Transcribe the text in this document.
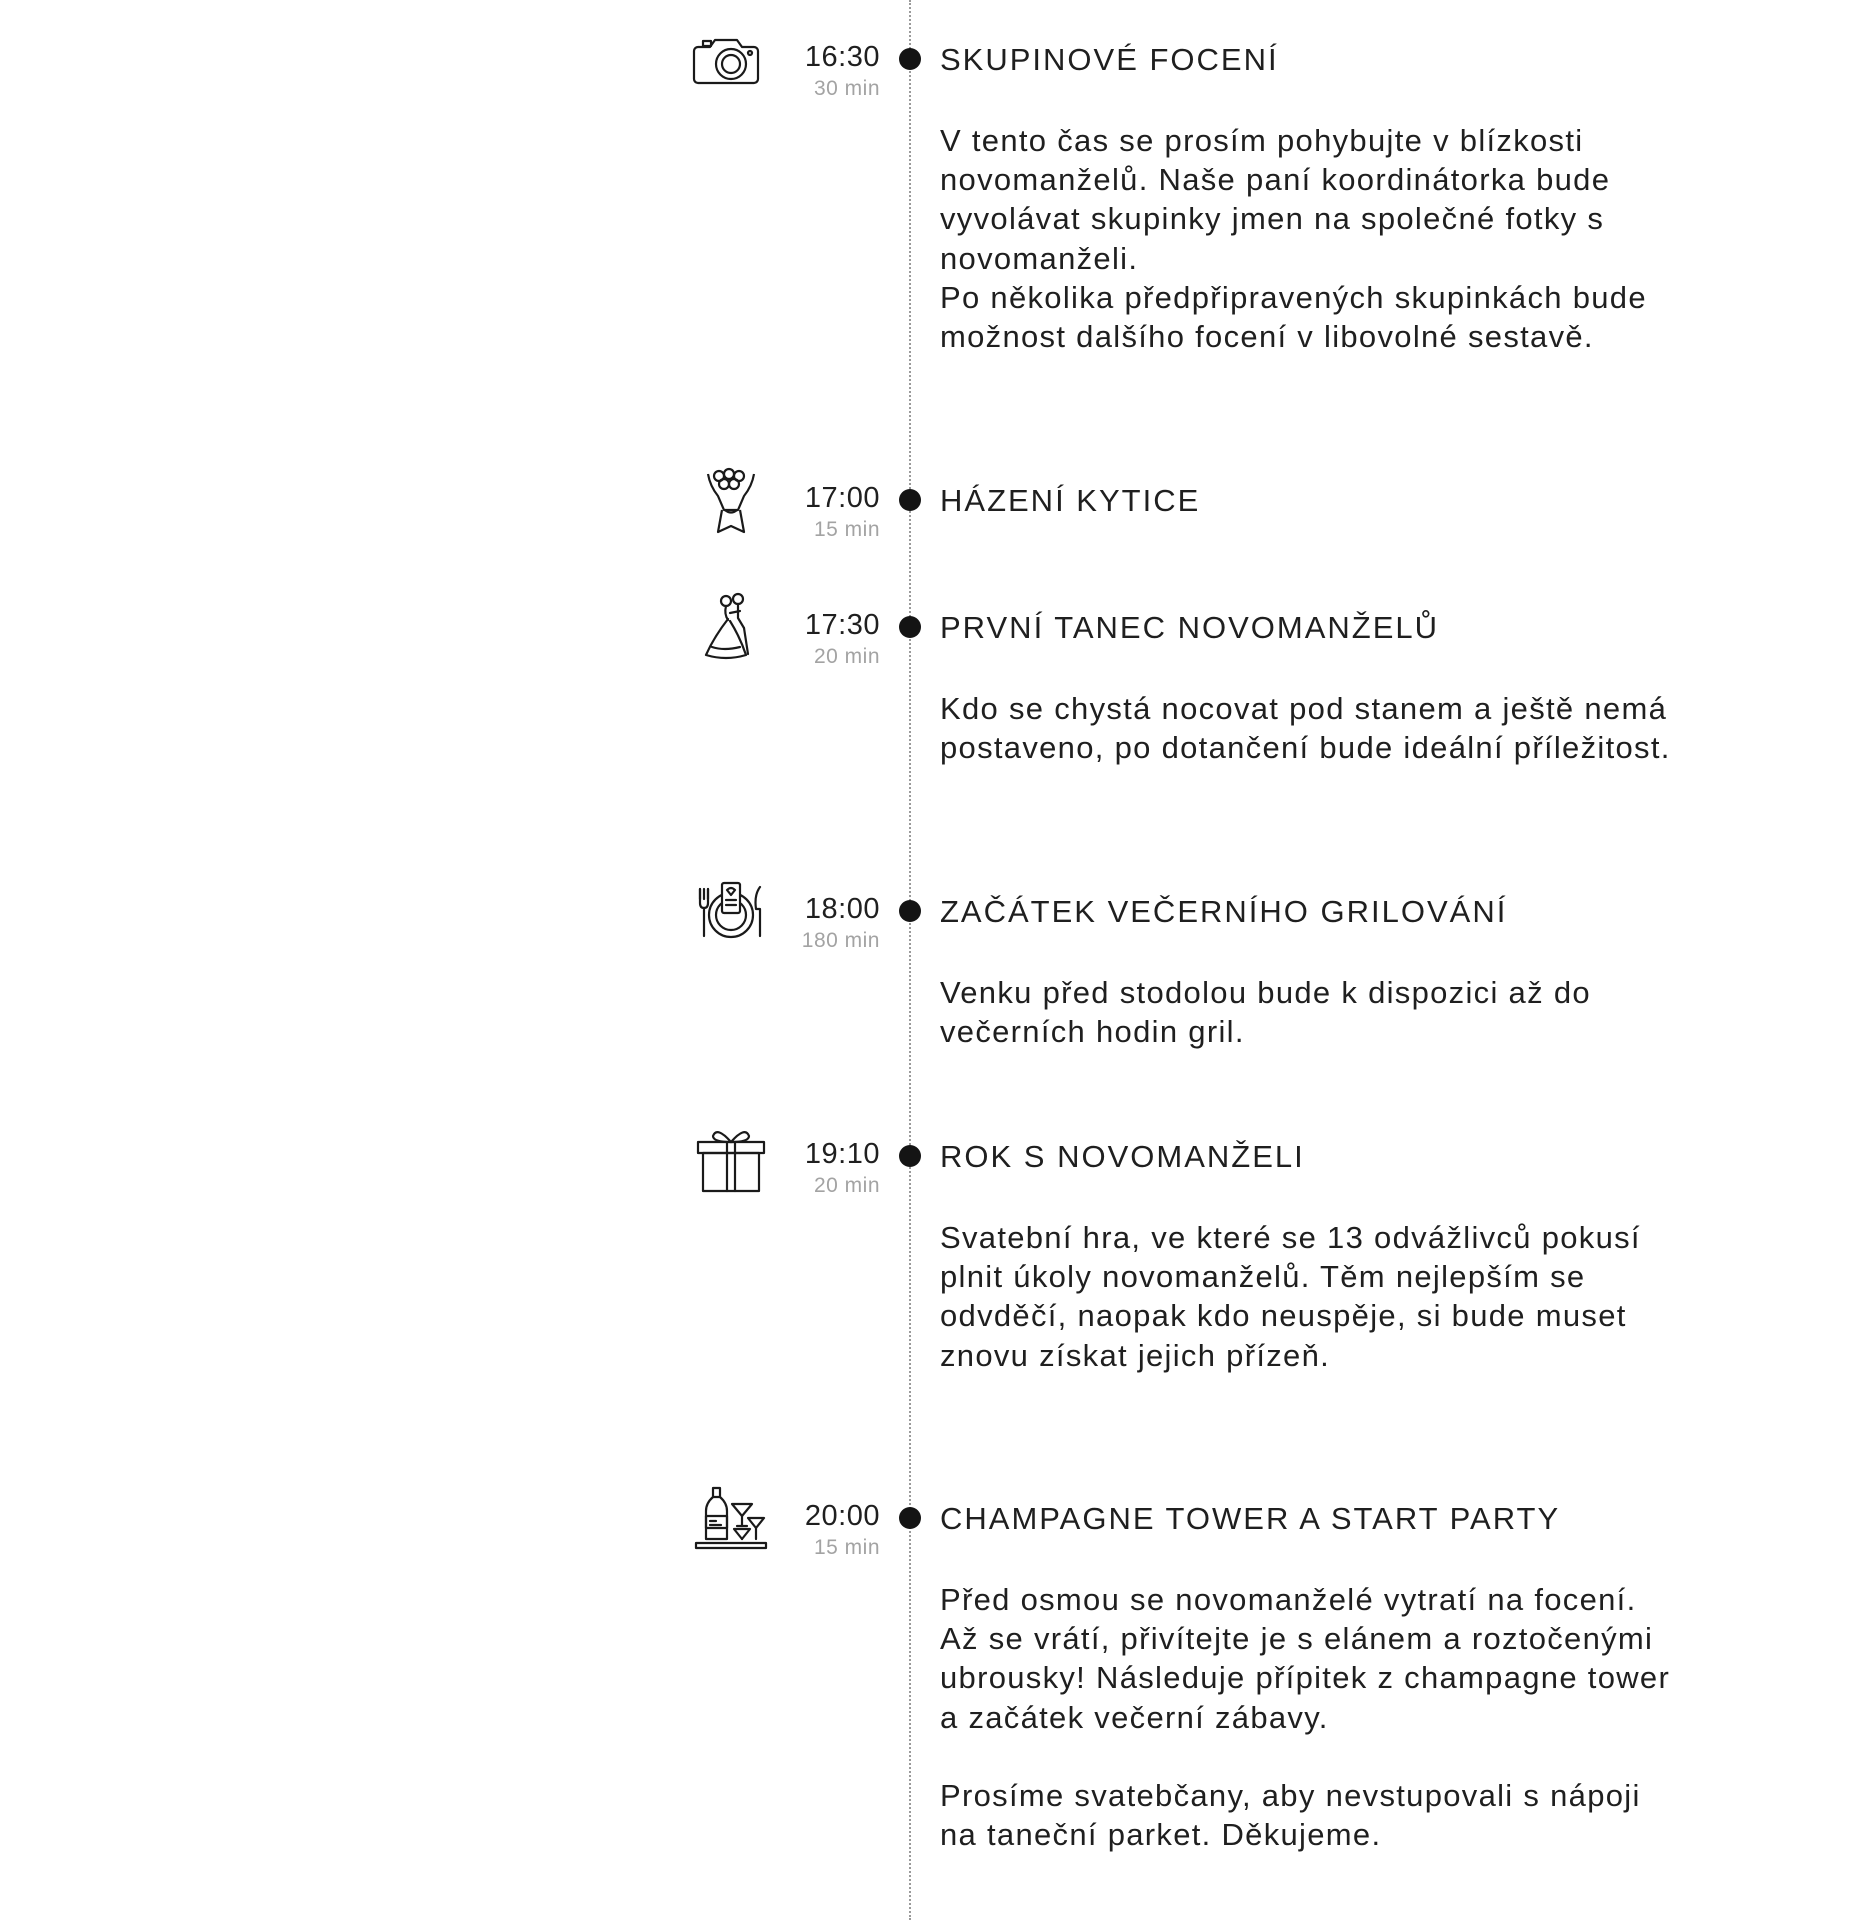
16:30
30 min
SKUPINOVÉ FOCENÍ
V tento čas se prosím pohybujte v blízkosti novomanželů. Naše paní koordinátorka bude vyvolávat skupinky jmen na společné fotky s novomanželi.
Po několika předpřipravených skupinkách bude možnost dalšího focení v libovolné sestavě.
17:00
15 min
HÁZENÍ KYTICE
17:30
20 min
PRVNÍ TANEC NOVOMANŽELŮ
Kdo se chystá nocovat pod stanem a ještě nemá postaveno, po dotančení bude ideální příležitost.
18:00
180 min
ZAČÁTEK VEČERNÍHO GRILOVÁNÍ
Venku před stodolou bude k dispozici až do večerních hodin gril.
19:10
20 min
ROK S NOVOMANŽELI
Svatební hra, ve které se 13 odvážlivců pokusí plnit úkoly novomanželů. Těm nejlepším se odvděčí, naopak kdo neuspěje, si bude muset znovu získat jejich přízeň.
20:00
15 min
CHAMPAGNE TOWER A START PARTY
Před osmou se novomanželé vytratí na focení. Až se vrátí, přivítejte je s elánem a roztočenými ubrousky! Následuje přípitek z champagne tower a začátek večerní zábavy.

Prosíme svatebčany, aby nevstupovali s nápoji na taneční parket. Děkujeme.
